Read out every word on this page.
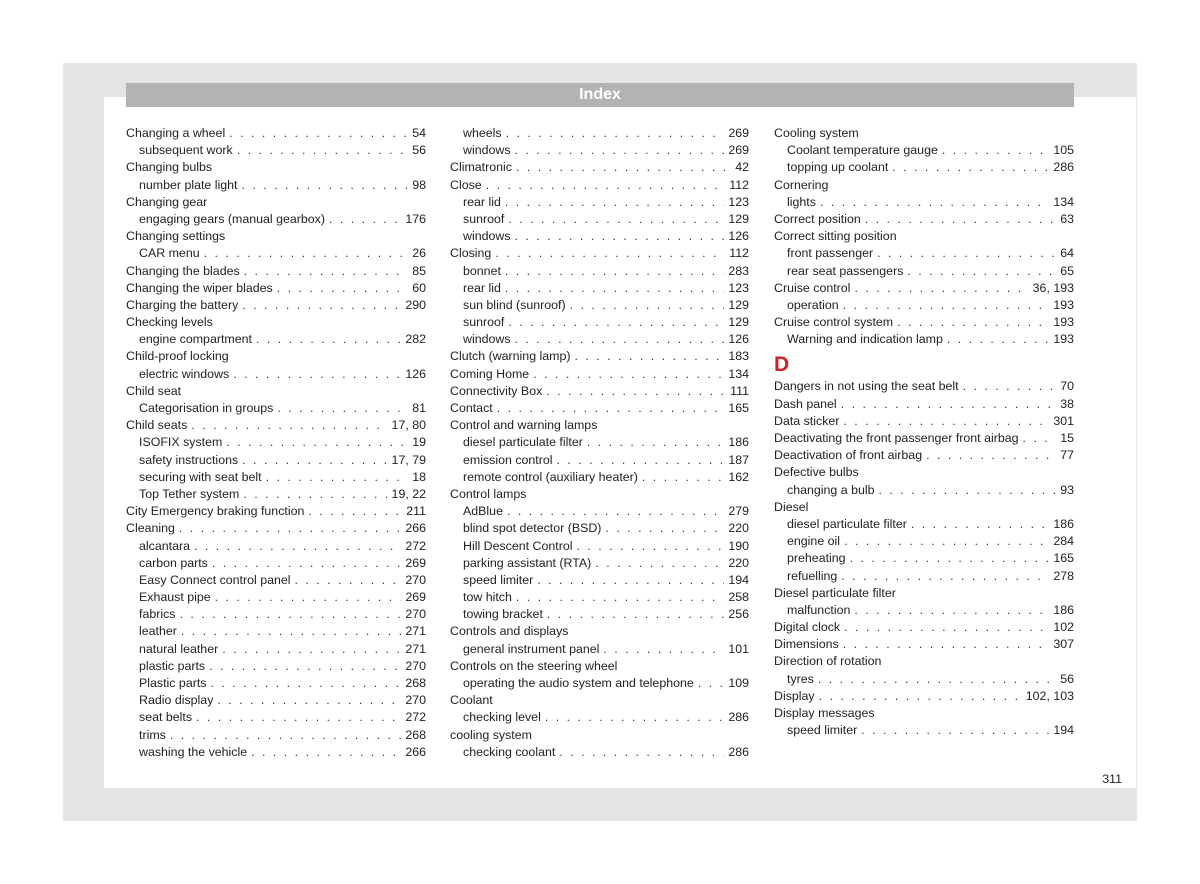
Index
Changing a wheel . . .	54
subsequent work . . .	56
Changing bulbs
number plate light . . .	98
Changing gear
engaging gears (manual gearbox) . . .	176
Changing settings
CAR menu . . .	26
Changing the blades . . .	85
Changing the wiper blades . . .	60
Charging the battery . . .	290
Checking levels
engine compartment . . .	282
Child-proof locking
electric windows . . .	126
Child seat
Categorisation in groups . . .	81
Child seats . . .	17, 80
ISOFIX system . . .	19
safety instructions . . .	17, 79
securing with seat belt . . .	18
Top Tether system . . .	19, 22
City Emergency braking function . . .	211
Cleaning . . .	266
alcantara . . .	272
carbon parts . . .	269
Easy Connect control panel . . .	270
Exhaust pipe . . .	269
fabrics . . .	270
leather . . .	271
natural leather . . .	271
plastic parts . . .	270
Plastic parts . . .	268
Radio display . . .	270
seat belts . . .	272
trims . . .	268
washing the vehicle . . .	266
wheels . . .	269
windows . . .	269
Climatronic . . .	42
Close . . .	112
rear lid . . .	123
sunroof . . .	129
windows . . .	126
Closing . . .	112
bonnet . . .	283
rear lid . . .	123
sun blind (sunroof) . . .	129
sunroof . . .	129
windows . . .	126
Clutch (warning lamp) . . .	183
Coming Home . . .	134
Connectivity Box . . .	111
Contact . . .	165
Control and warning lamps
diesel particulate filter . . .	186
emission control . . .	187
remote control (auxiliary heater) . . .	162
Control lamps
AdBlue . . .	279
blind spot detector (BSD) . . .	220
Hill Descent Control . . .	190
parking assistant (RTA) . . .	220
speed limiter . . .	194
tow hitch . . .	258
towing bracket . . .	256
Controls and displays
general instrument panel . . .	101
Controls on the steering wheel
operating the audio system and telephone . . .	109
Coolant
checking level . . .	286
cooling system
checking coolant . . .	286
Cooling system
Coolant temperature gauge . . .	105
topping up coolant . . .	286
Cornering
lights . . .	134
Correct position . . .	63
Correct sitting position
front passenger . . .	64
rear seat passengers . . .	65
Cruise control . . .	36, 193
operation . . .	193
Cruise control system . . .	193
Warning and indication lamp . . .	193
D
Dangers in not using the seat belt . . .	70
Dash panel . . .	38
Data sticker . . .	301
Deactivating the front passenger front airbag . . .	15
Deactivation of front airbag . . .	77
Defective bulbs
changing a bulb . . .	93
Diesel
diesel particulate filter . . .	186
engine oil . . .	284
preheating . . .	165
refuelling . . .	278
Diesel particulate filter
malfunction . . .	186
Digital clock . . .	102
Dimensions . . .	307
Direction of rotation
tyres . . .	56
Display . . .	102, 103
Display messages
speed limiter . . .	194
311
